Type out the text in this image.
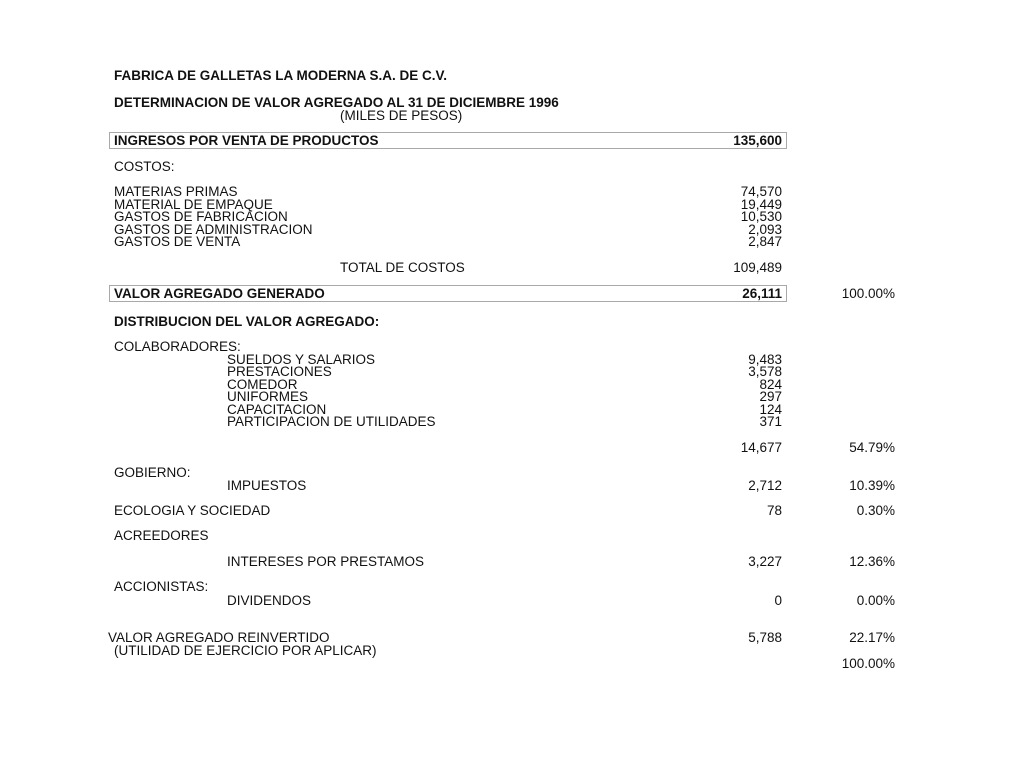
FABRICA DE GALLETAS LA MODERNA S.A. DE C.V.
DETERMINACION DE VALOR AGREGADO AL 31 DE DICIEMBRE 1996
(MILES DE PESOS)
INGRESOS POR VENTA DE PRODUCTOS	135,600
COSTOS:
MATERIAS PRIMAS	74,570
MATERIAL DE EMPAQUE	19,449
GASTOS DE FABRICACION	10,530
GASTOS DE ADMINISTRACION	2,093
GASTOS DE VENTA	2,847
TOTAL DE COSTOS	109,489
VALOR AGREGADO GENERADO	26,111	100.00%
DISTRIBUCION DEL VALOR AGREGADO:
COLABORADORES:
SUELDOS Y SALARIOS	9,483
PRESTACIONES	3,578
COMEDOR	824
UNIFORMES	297
CAPACITACION	124
PARTICIPACION DE UTILIDADES	371
14,677	54.79%
GOBIERNO:
IMPUESTOS	2,712	10.39%
ECOLOGIA Y SOCIEDAD	78	0.30%
ACREEDORES
INTERESES POR PRESTAMOS	3,227	12.36%
ACCIONISTAS:
DIVIDENDOS	0	0.00%
VALOR AGREGADO REINVERTIDO	5,788	22.17%
(UTILIDAD DE EJERCICIO POR APLICAR)
100.00%
